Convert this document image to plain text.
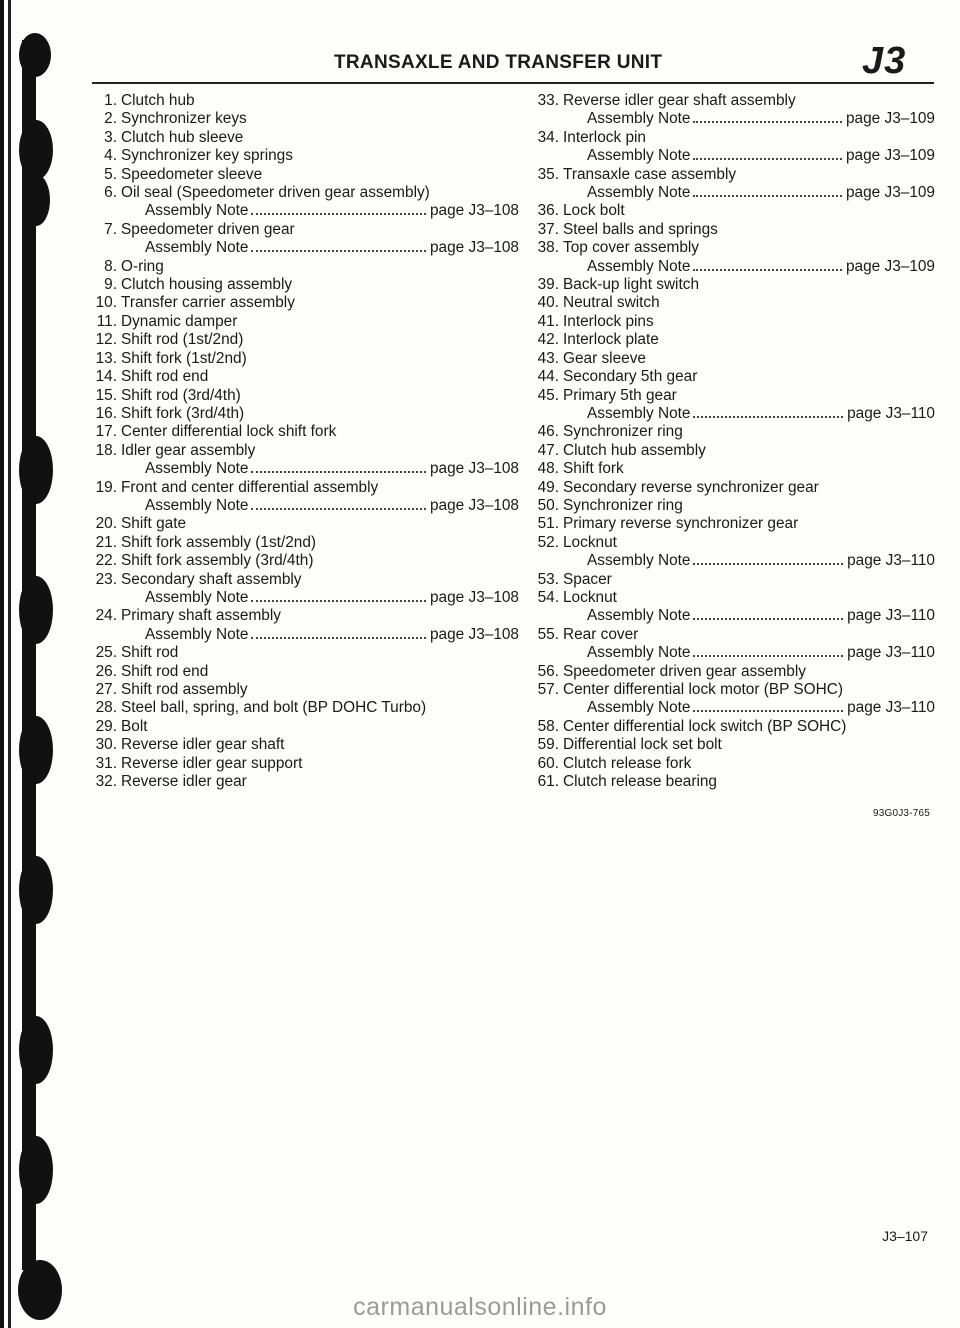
TRANSAXLE AND TRANSFER UNIT	J3
1. Clutch hub
2. Synchronizer keys
3. Clutch hub sleeve
4. Synchronizer key springs
5. Speedometer sleeve
6. Oil seal (Speedometer driven gear assembly)
Assembly Note	page J3–108
7. Speedometer driven gear
Assembly Note	page J3–108
8. O-ring
9. Clutch housing assembly
10. Transfer carrier assembly
11. Dynamic damper
12. Shift rod (1st/2nd)
13. Shift fork (1st/2nd)
14. Shift rod end
15. Shift rod (3rd/4th)
16. Shift fork (3rd/4th)
17. Center differential lock shift fork
18. Idler gear assembly
Assembly Note	page J3–108
19. Front and center differential assembly
Assembly Note	page J3–108
20. Shift gate
21. Shift fork assembly (1st/2nd)
22. Shift fork assembly (3rd/4th)
23. Secondary shaft assembly
Assembly Note	page J3–108
24. Primary shaft assembly
Assembly Note	page J3–108
25. Shift rod
26. Shift rod end
27. Shift rod assembly
28. Steel ball, spring, and bolt (BP DOHC Turbo)
29. Bolt
30. Reverse idler gear shaft
31. Reverse idler gear support
32. Reverse idler gear
33. Reverse idler gear shaft assembly
Assembly Note	page J3–109
34. Interlock pin
Assembly Note	page J3–109
35. Transaxle case assembly
Assembly Note	page J3–109
36. Lock bolt
37. Steel balls and springs
38. Top cover assembly
Assembly Note	page J3–109
39. Back-up light switch
40. Neutral switch
41. Interlock pins
42. Interlock plate
43. Gear sleeve
44. Secondary 5th gear
45. Primary 5th gear
Assembly Note	page J3–110
46. Synchronizer ring
47. Clutch hub assembly
48. Shift fork
49. Secondary reverse synchronizer gear
50. Synchronizer ring
51. Primary reverse synchronizer gear
52. Locknut
Assembly Note	page J3–110
53. Spacer
54. Locknut
Assembly Note	page J3–110
55. Rear cover
Assembly Note	page J3–110
56. Speedometer driven gear assembly
57. Center differential lock motor (BP SOHC)
Assembly Note	page J3–110
58. Center differential lock switch (BP SOHC)
59. Differential lock set bolt
60. Clutch release fork
61. Clutch release bearing
93G0J3-765
J3–107
carmanualsonline.info
